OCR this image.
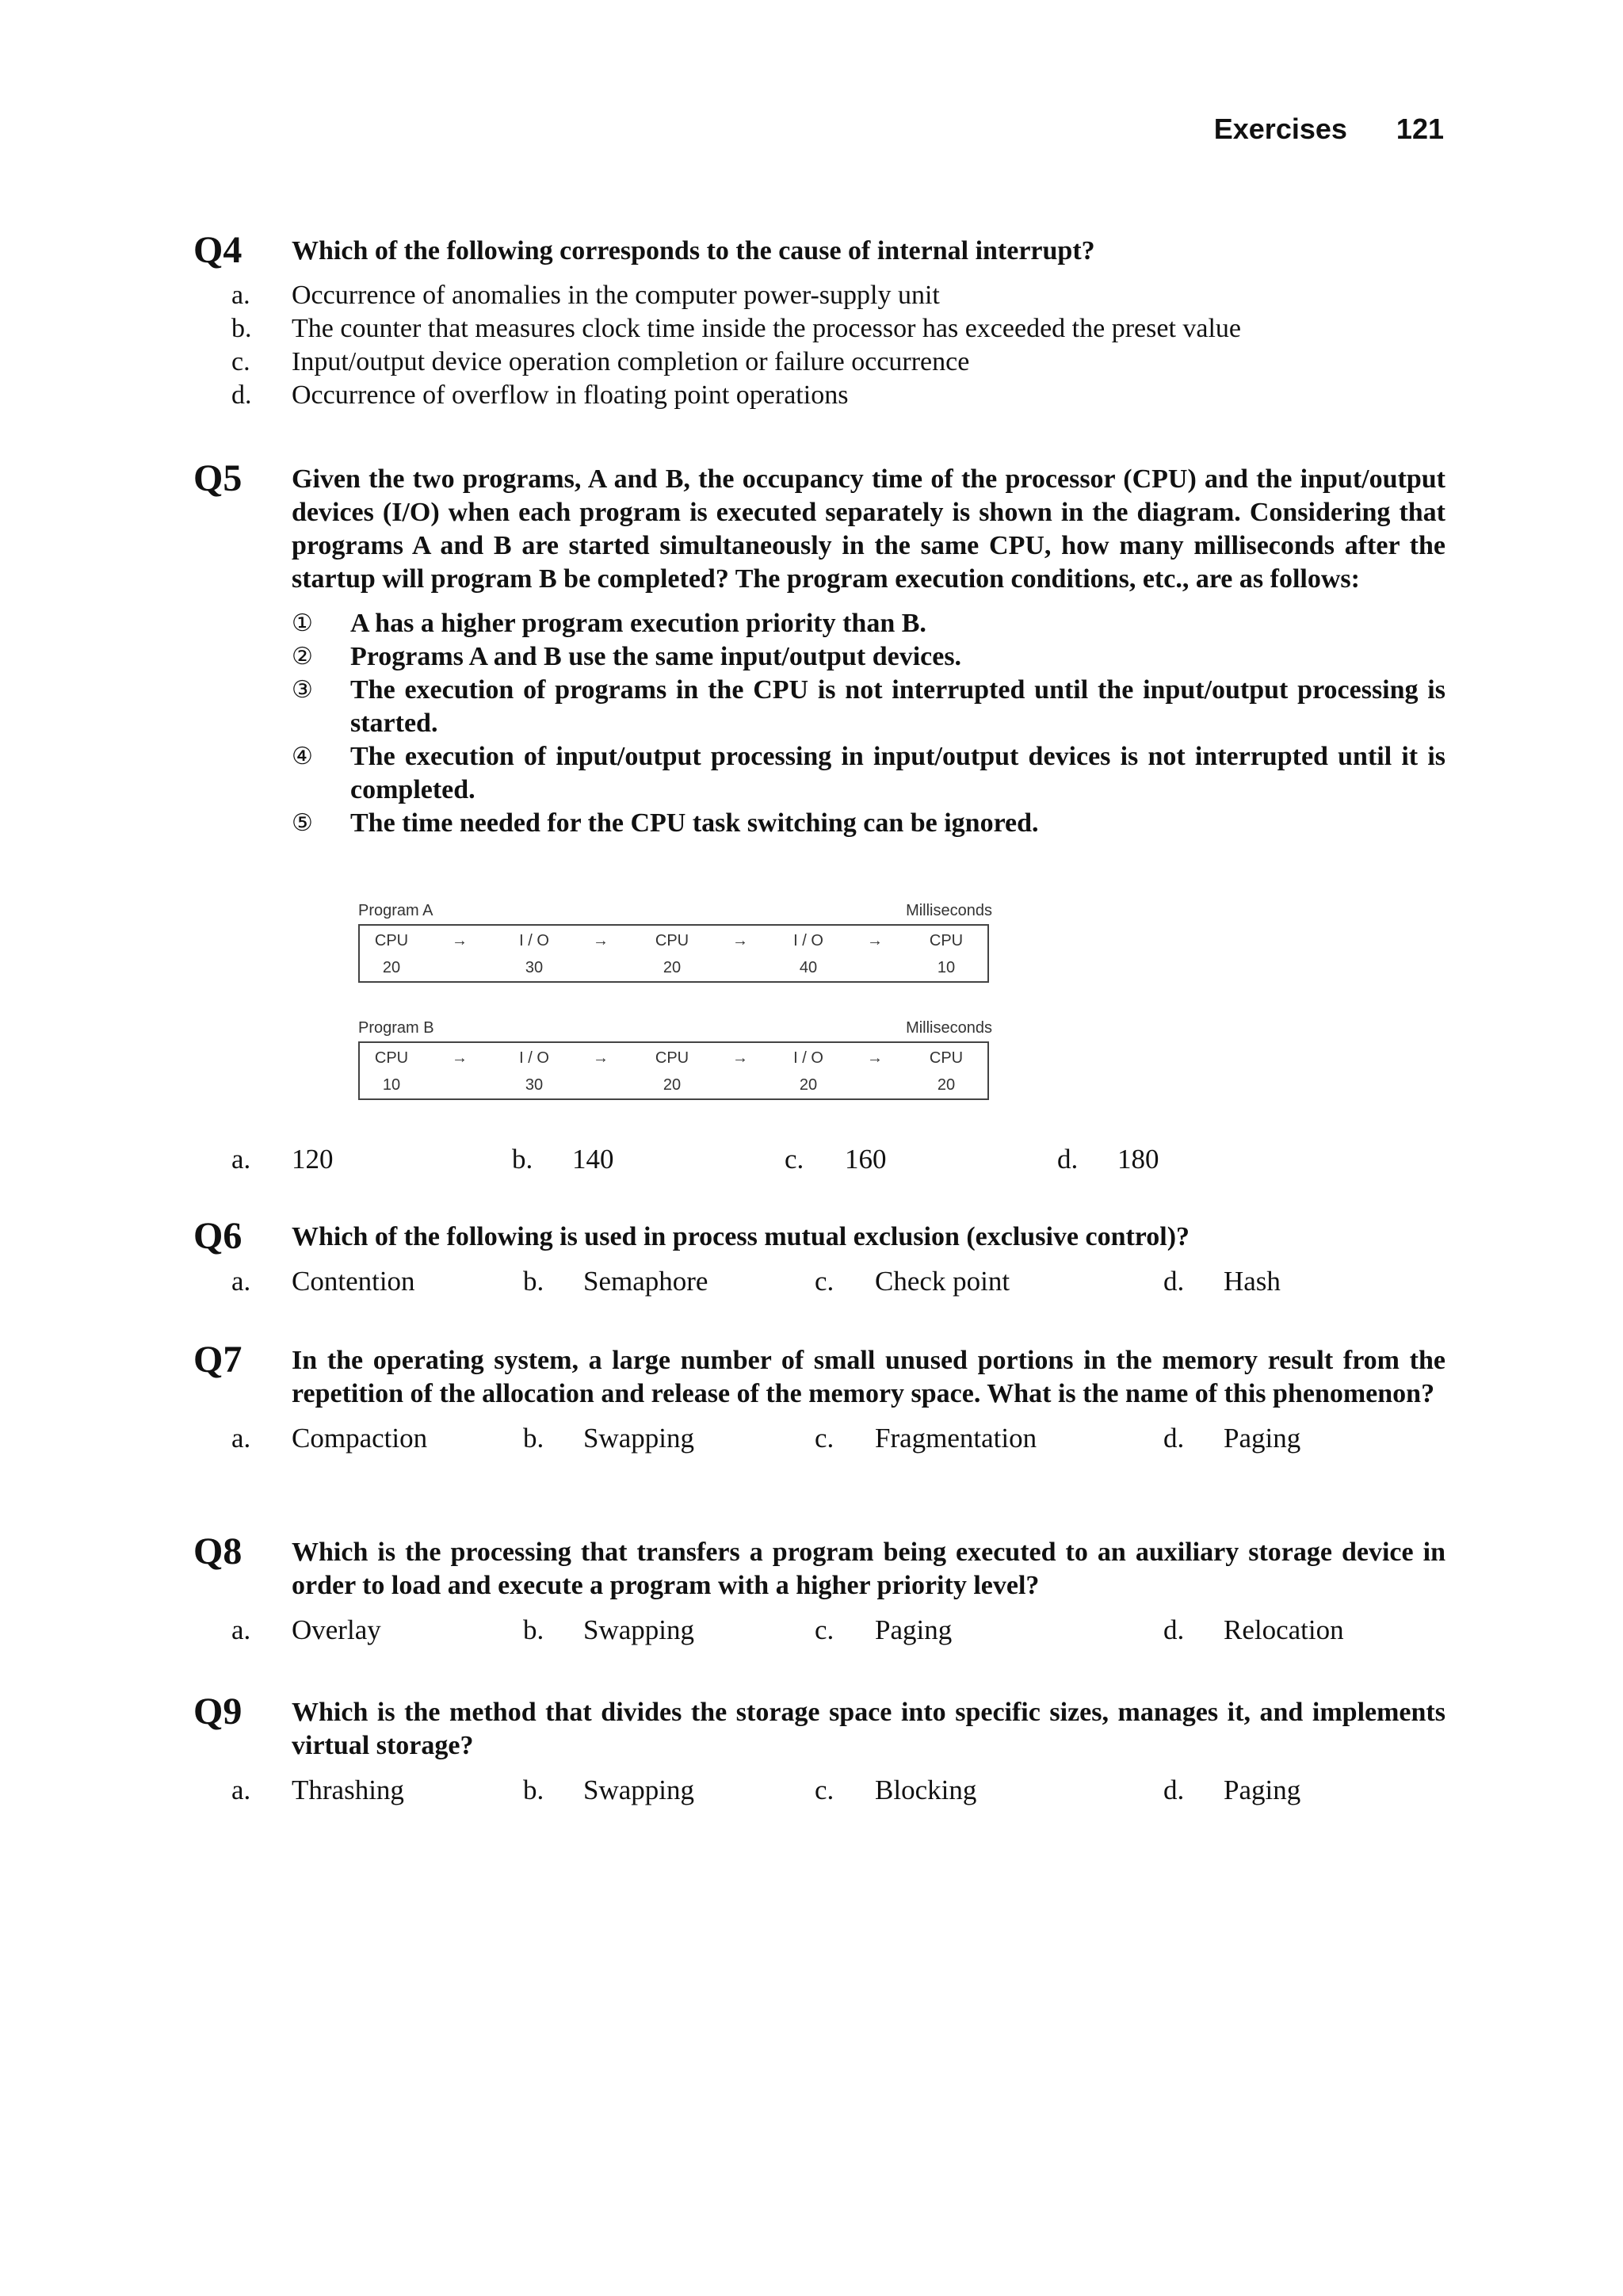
Exercises 121
Q4 Which of the following corresponds to the cause of internal interrupt?
a.	Occurrence of anomalies in the computer power-supply unit
b.	The counter that measures clock time inside the processor has exceeded the preset value
c.	Input/output device operation completion or failure occurrence
d.	Occurrence of overflow in floating point operations
Q5 Given the two programs, A and B, the occupancy time of the processor (CPU) and the input/output devices (I/O) when each program is executed separately is shown in the diagram. Considering that programs A and B are started simultaneously in the same CPU, how many milliseconds after the startup will program B be completed? The program execution conditions, etc., are as follows:
①	A has a higher program execution priority than B.
②	Programs A and B use the same input/output devices.
③	The execution of programs in the CPU is not interrupted until the input/output processing is started.
④	The execution of input/output processing in input/output devices is not interrupted until it is completed.
⑤	The time needed for the CPU task switching can be ignored.
Program A	Milliseconds
CPU	→	I / O	→	CPU	→	I / O	→	CPU
20	30	20	40	10
Program B	Milliseconds
CPU	→	I / O	→	CPU	→	I / O	→	CPU
10	30	20	20	20
a.	120	b.	140	c.	160	d.	180
Q6 Which of the following is used in process mutual exclusion (exclusive control)?
a.	Contention	b.	Semaphore	c.	Check point	d.	Hash
Q7 In the operating system, a large number of small unused portions in the memory result from the repetition of the allocation and release of the memory space. What is the name of this phenomenon?
a.	Compaction	b.	Swapping	c.	Fragmentation	d.	Paging
Q8 Which is the processing that transfers a program being executed to an auxiliary storage device in order to load and execute a program with a higher priority level?
a.	Overlay	b.	Swapping	c.	Paging	d.	Relocation
Q9 Which is the method that divides the storage space into specific sizes, manages it, and implements virtual storage?
a.	Thrashing	b.	Swapping	c.	Blocking	d.	Paging
